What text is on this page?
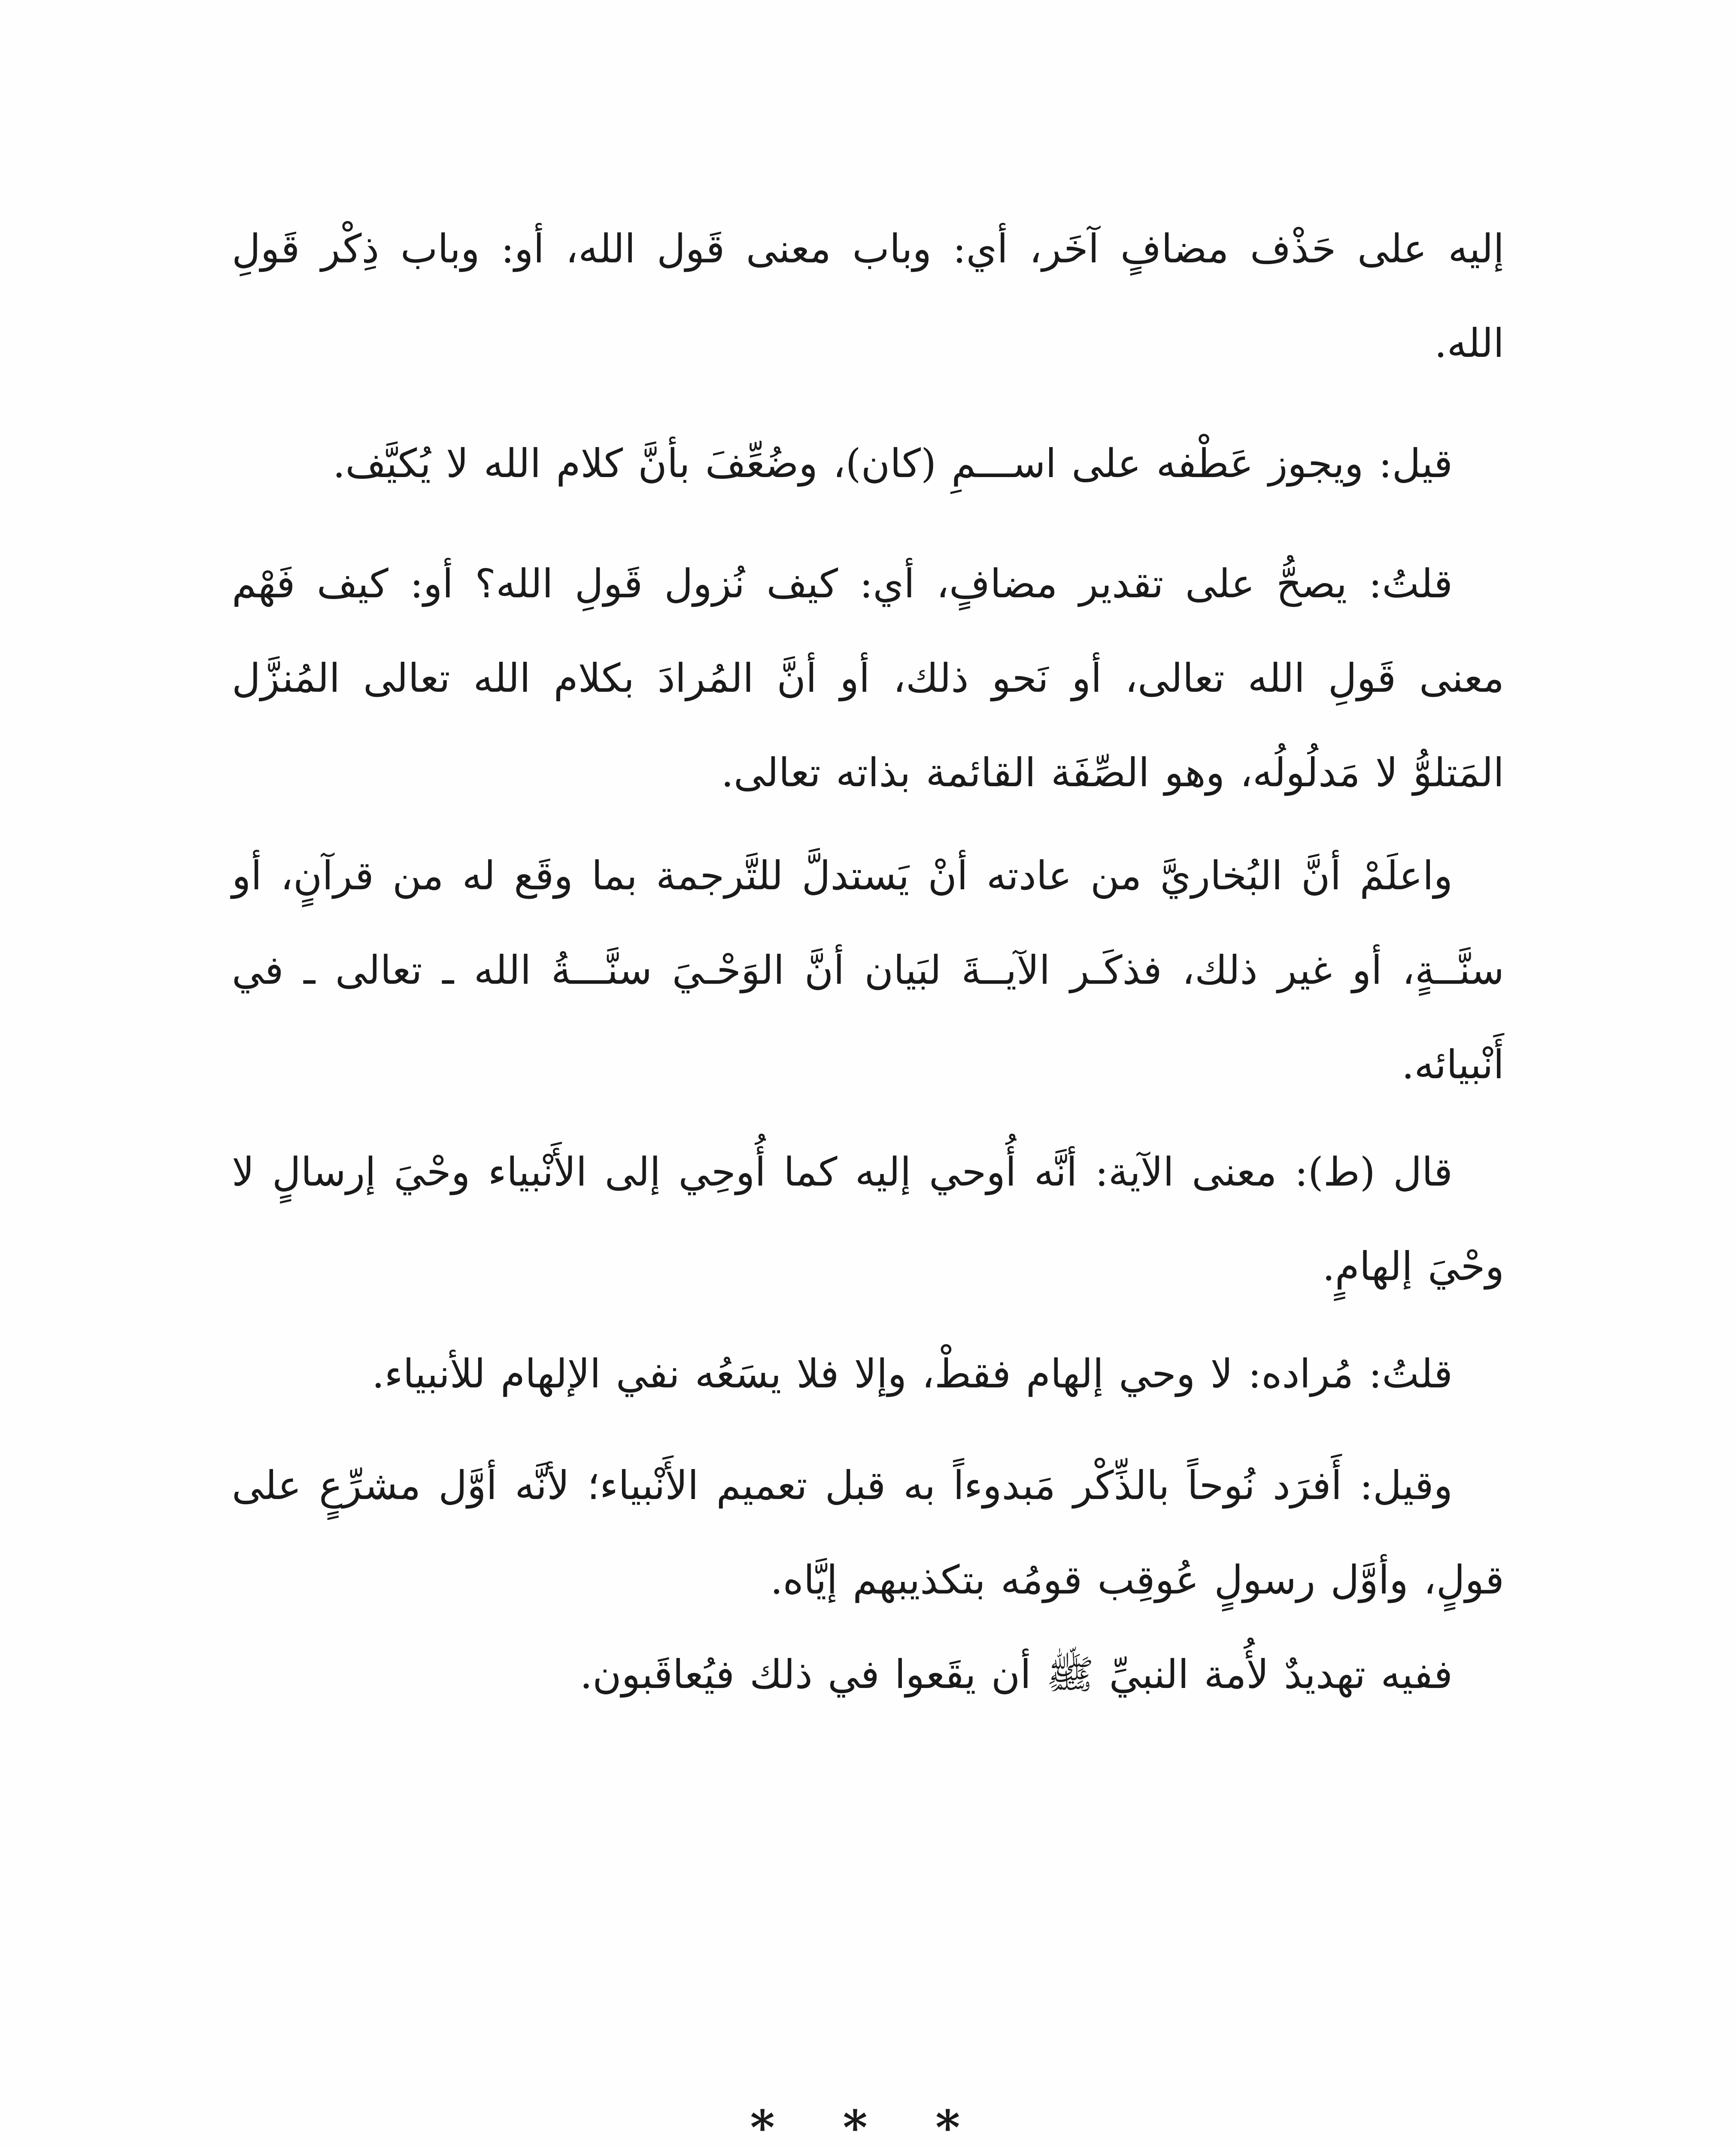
إليه على حَذْف مضافٍ آخَر، أي: وباب معنى قَول الله، أو: وباب ذِكْر قَولِ الله.

قيل: ويجوز عَطْفه على اســـمِ (كان)، وضُعِّفَ بأنَّ كلام الله لا يُكيَّف.

قلتُ: يصحُّ على تقدير مضافٍ، أي: كيف نُزول قَولِ الله؟ أو: كيف فَهْم معنى قَولِ الله تعالى، أو نَحو ذلك، أو أنَّ المُرادَ بكلام الله تعالى المُنزَّل المَتلوُّ لا مَدلُولُه، وهو الصِّفَة القائمة بذاته تعالى.

واعلَمْ أنَّ البُخاريَّ من عادته أنْ يَستدلَّ للتَّرجمة بما وقَع له من قرآنٍ، أو سنَّــةٍ، أو غير ذلك، فذكَـر الآيــةَ لبَيان أنَّ الوَحْـيَ سنَّـــةُ الله ـ تعالى ـ في أَنْبيائه.

قال (ط): معنى الآية: أنَّه أُوحي إليه كما أُوحِي إلى الأَنْبياء وحْيَ إرسالٍ لا وحْيَ إلهامٍ.

قلتُ: مُراده: لا وحي إلهام فقطْ، وإلا فلا يسَعُه نفي الإلهام للأنبياء.

وقيل: أَفرَد نُوحاً بالذِّكْر مَبدوءاً به قبل تعميم الأَنْبياء؛ لأنَّه أوَّل مشرِّعٍ على قولٍ، وأوَّل رسولٍ عُوقِب قومُه بتكذيبهم إيَّاه.

ففيه تهديدٌ لأُمة النبيِّ ﷺ أن يقَعوا في ذلك فيُعاقَبون.

* * *
